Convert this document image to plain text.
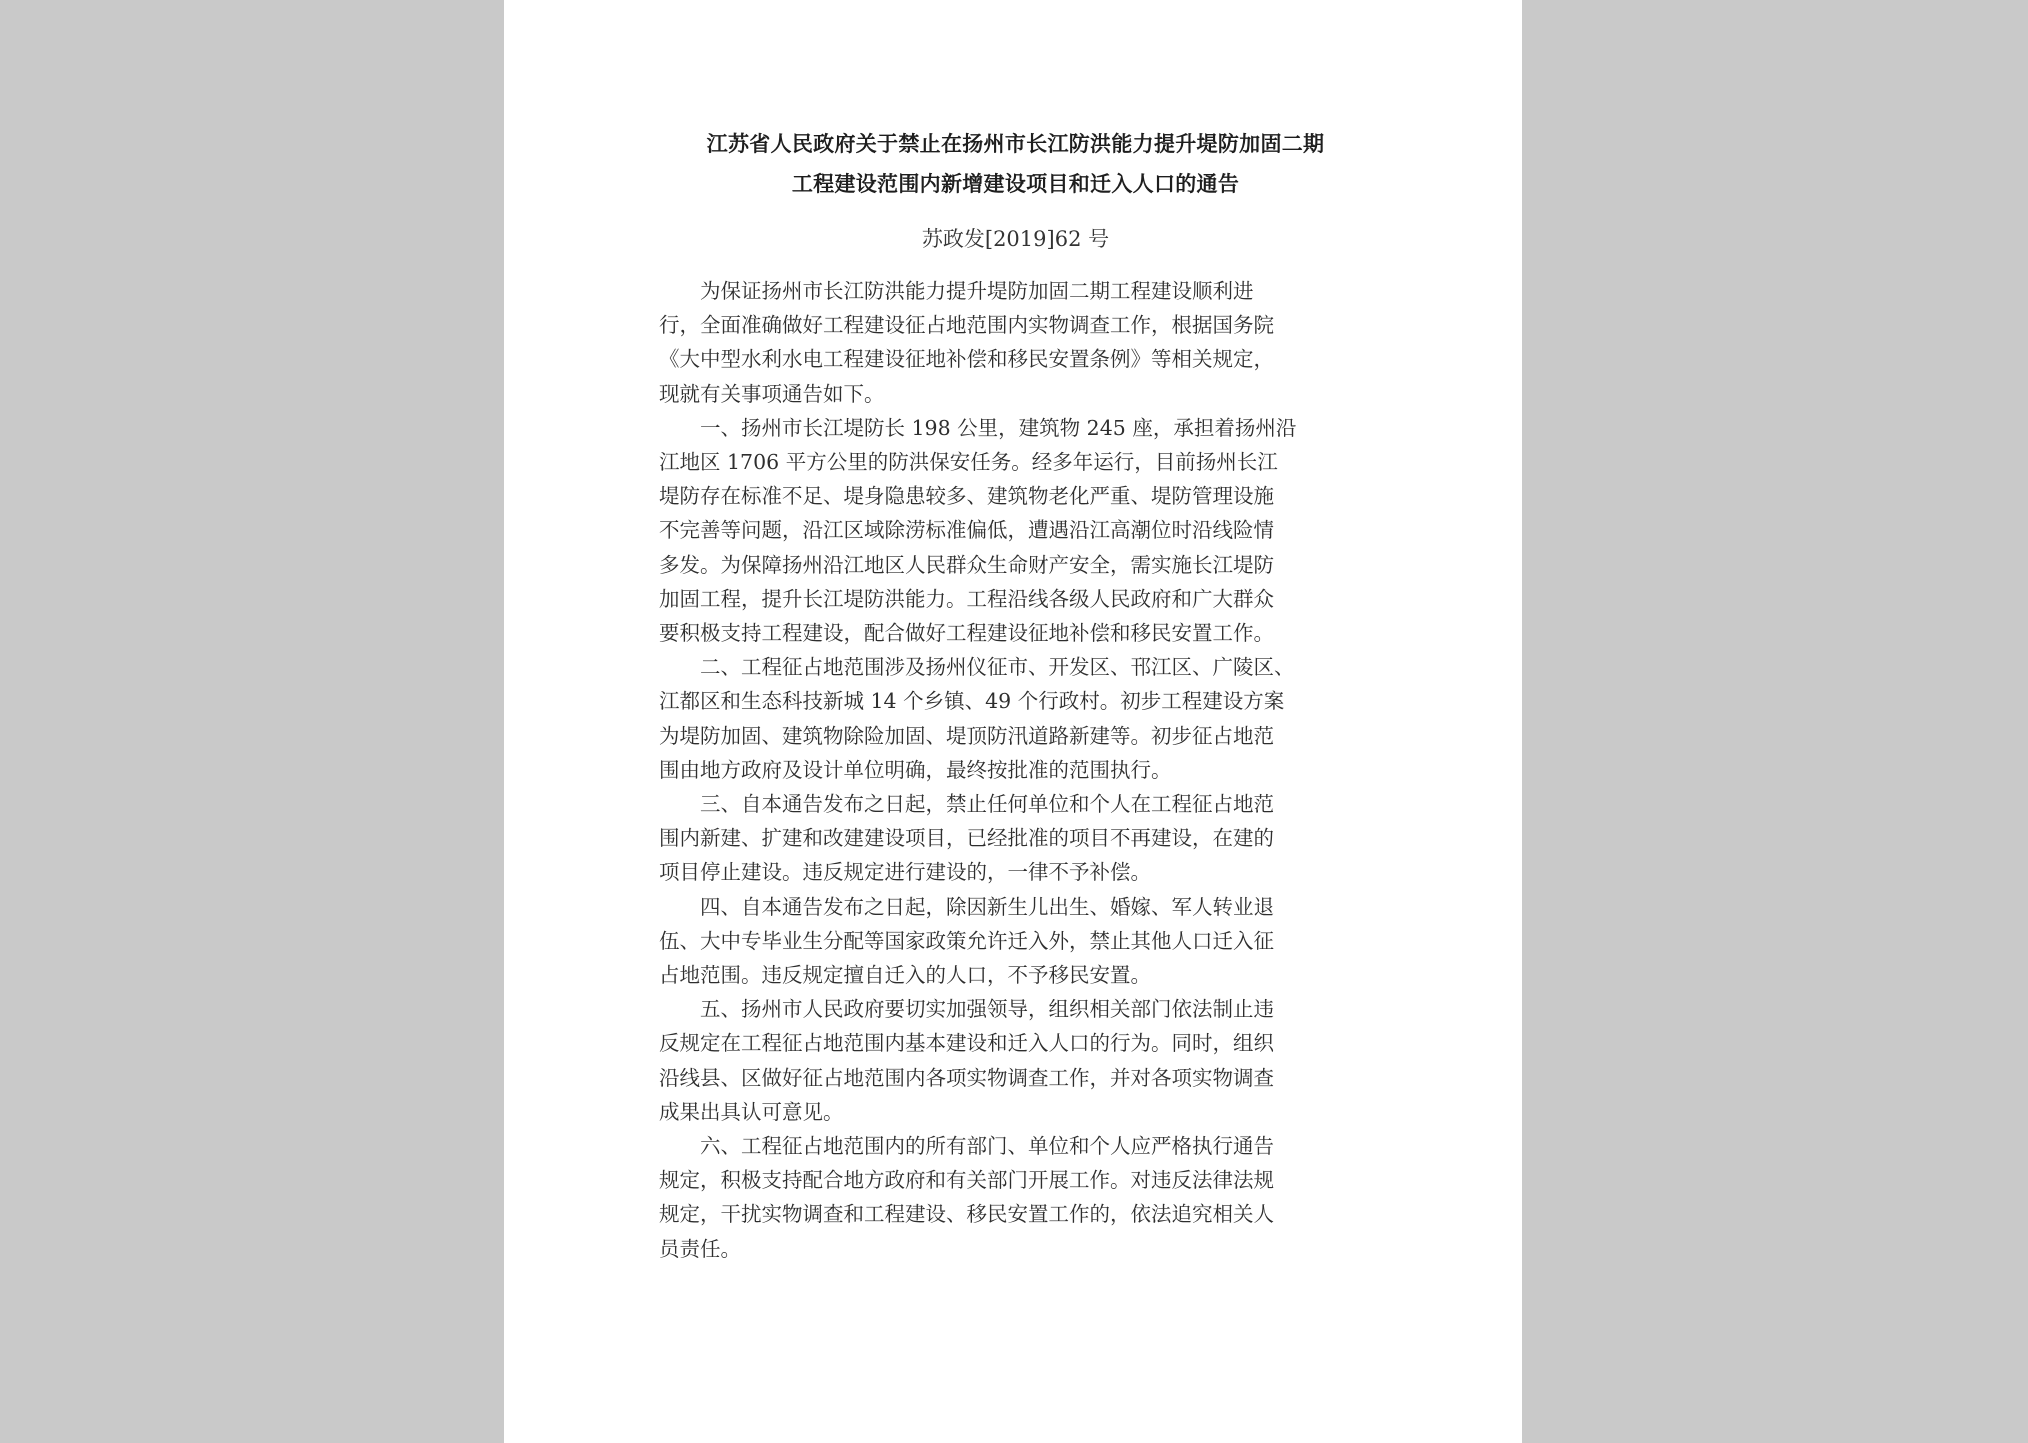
江苏省人民政府关于禁止在扬州市长江防洪能力提升堤防加固二期
工程建设范围内新增建设项目和迁入人口的通告
苏政发[2019]62 号
为保证扬州市长江防洪能力提升堤防加固二期工程建设顺利进
行，全面准确做好工程建设征占地范围内实物调查工作，根据国务院
《大中型水利水电工程建设征地补偿和移民安置条例》等相关规定，
现就有关事项通告如下。
一、扬州市长江堤防长 198 公里，建筑物 245 座，承担着扬州沿
江地区 1706 平方公里的防洪保安任务。经多年运行，目前扬州长江
堤防存在标准不足、堤身隐患较多、建筑物老化严重、堤防管理设施
不完善等问题，沿江区域除涝标准偏低，遭遇沿江高潮位时沿线险情
多发。为保障扬州沿江地区人民群众生命财产安全，需实施长江堤防
加固工程，提升长江堤防洪能力。工程沿线各级人民政府和广大群众
要积极支持工程建设，配合做好工程建设征地补偿和移民安置工作。
二、工程征占地范围涉及扬州仪征市、开发区、邗江区、广陵区、
江都区和生态科技新城 14 个乡镇、49 个行政村。初步工程建设方案
为堤防加固、建筑物除险加固、堤顶防汛道路新建等。初步征占地范
围由地方政府及设计单位明确，最终按批准的范围执行。
三、自本通告发布之日起，禁止任何单位和个人在工程征占地范
围内新建、扩建和改建建设项目，已经批准的项目不再建设，在建的
项目停止建设。违反规定进行建设的，一律不予补偿。
四、自本通告发布之日起，除因新生儿出生、婚嫁、军人转业退
伍、大中专毕业生分配等国家政策允许迁入外，禁止其他人口迁入征
占地范围。违反规定擅自迁入的人口，不予移民安置。
五、扬州市人民政府要切实加强领导，组织相关部门依法制止违
反规定在工程征占地范围内基本建设和迁入人口的行为。同时，组织
沿线县、区做好征占地范围内各项实物调查工作，并对各项实物调查
成果出具认可意见。
六、工程征占地范围内的所有部门、单位和个人应严格执行通告
规定，积极支持配合地方政府和有关部门开展工作。对违反法律法规
规定，干扰实物调查和工程建设、移民安置工作的，依法追究相关人
员责任。
